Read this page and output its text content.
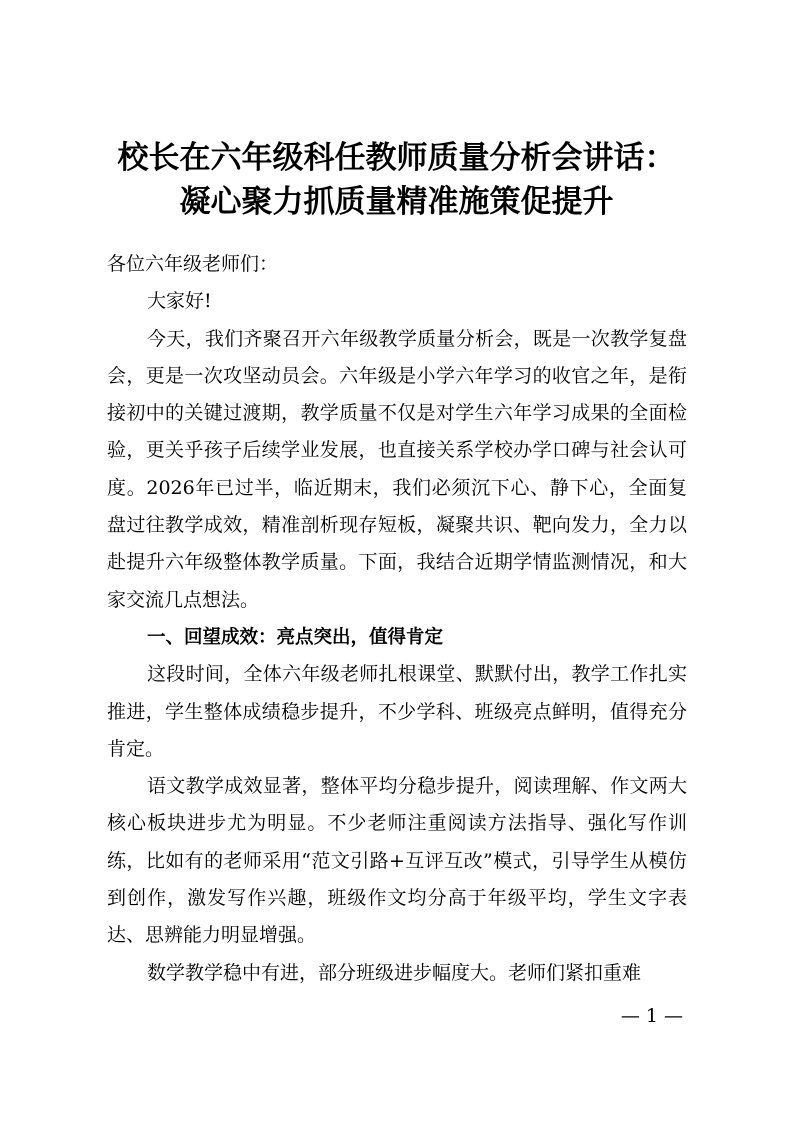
校长在六年级科任教师质量分析会讲话：
凝心聚力抓质量精准施策促提升

各位六年级老师们：

大家好!

今天，我们齐聚召开六年级教学质量分析会，既是一次教学复盘会，更是一次攻坚动员会。六年级是小学六年学习的收官之年，是衔接初中的关键过渡期，教学质量不仅是对学生六年学习成果的全面检验，更关乎孩子后续学业发展，也直接关系学校办学口碑与社会认可度。2026年已过半，临近期末，我们必须沉下心、静下心，全面复盘过往教学成效，精准剖析现存短板，凝聚共识、靶向发力，全力以赴提升六年级整体教学质量。下面，我结合近期学情监测情况，和大家交流几点想法。

一、回望成效：亮点突出，值得肯定

这段时间，全体六年级老师扎根课堂、默默付出，教学工作扎实推进，学生整体成绩稳步提升，不少学科、班级亮点鲜明，值得充分肯定。

语文教学成效显著，整体平均分稳步提升，阅读理解、作文两大核心板块进步尤为明显。不少老师注重阅读方法指导、强化写作训练，比如有的老师采用“范文引路+互评互改”模式，引导学生从模仿到创作，激发写作兴趣，班级作文均分高于年级平均，学生文字表达、思辨能力明显增强。

数学教学稳中有进，部分班级进步幅度大。老师们紧扣重难

— 1 —
